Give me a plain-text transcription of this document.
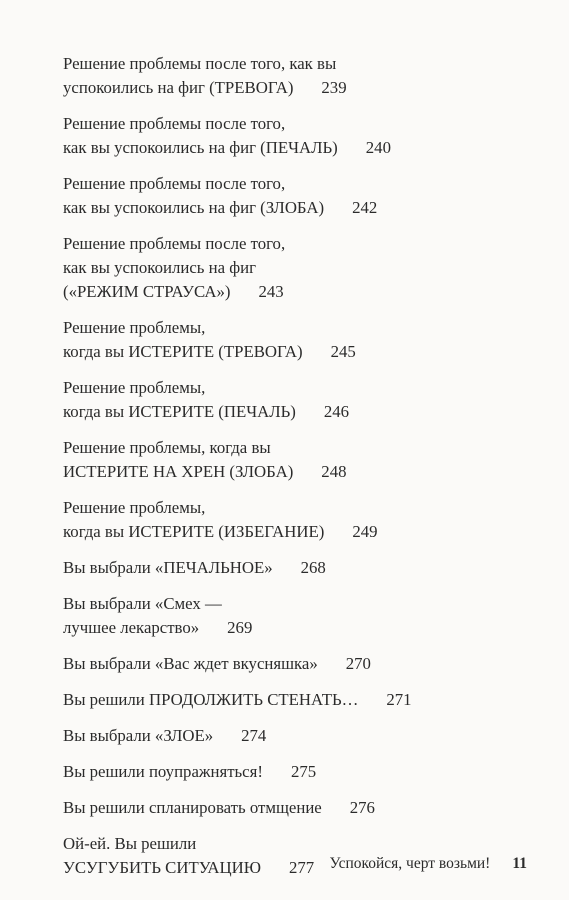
Решение проблемы после того, как вы
успокоились на фиг (ТРЕВОГА) 239

Решение проблемы после того,
как вы успокоились на фиг (ПЕЧАЛЬ) 240

Решение проблемы после того,
как вы успокоились на фиг (ЗЛОБА) 242

Решение проблемы после того,
как вы успокоились на фиг
(«РЕЖИМ СТРАУСА») 243

Решение проблемы,
когда вы ИСТЕРИТЕ (ТРЕВОГА) 245

Решение проблемы,
когда вы ИСТЕРИТЕ (ПЕЧАЛЬ) 246

Решение проблемы, когда вы
ИСТЕРИТЕ НА ХРЕН (ЗЛОБА) 248

Решение проблемы,
когда вы ИСТЕРИТЕ (ИЗБЕГАНИЕ) 249

Вы выбрали «ПЕЧАЛЬНОЕ» 268

Вы выбрали «Смех —
лучшее лекарство» 269

Вы выбрали «Вас ждет вкусняшка» 270

Вы решили ПРОДОЛЖИТЬ СТЕНАТЬ… 271

Вы выбрали «ЗЛОЕ» 274

Вы решили поупражняться! 275

Вы решили спланировать отмщение 276

Ой-ей. Вы решили
УСУГУБИТЬ СИТУАЦИЮ 277 Успокойся, черт возьми! 11
